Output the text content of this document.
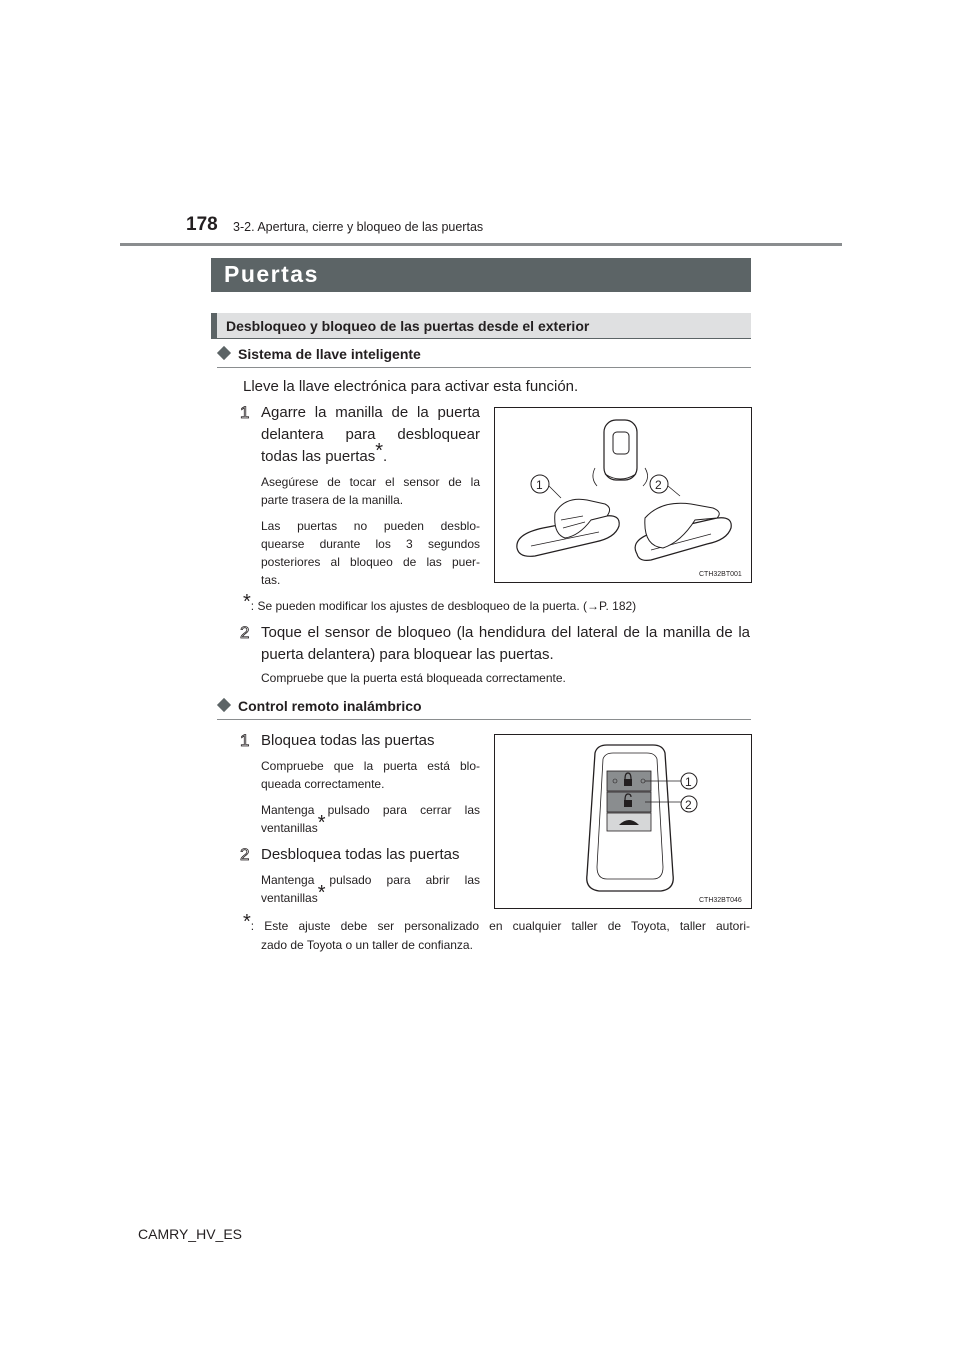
178 3-2. Apertura, cierre y bloqueo de las puertas
Puertas
Desbloqueo y bloqueo de las puertas desde el exterior
Sistema de llave inteligente
Lleve la llave electrónica para activar esta función.
1 Agarre la manilla de la puerta
delantera para desbloquear
todas las puertas*.
Asegúrese de tocar el sensor de la
parte trasera de la manilla.
Las puertas no pueden desblo-
quearse durante los 3 segundos
posteriores al bloqueo de las puer-
tas.
1	2
CTH32BT001
*: Se pueden modificar los ajustes de desbloqueo de la puerta. (→P. 182)
2 Toque el sensor de bloqueo (la hendidura del lateral de la manilla de la
puerta delantera) para bloquear las puertas.
Compruebe que la puerta está bloqueada correctamente.
Control remoto inalámbrico
1 Bloquea todas las puertas
Compruebe que la puerta está blo-
queada correctamente.
Mantenga pulsado para cerrar las
ventanillas*
2 Desbloquea todas las puertas
Mantenga pulsado para abrir las
ventanillas*
1
2
CTH32BT046
*: Este ajuste debe ser personalizado en cualquier taller de Toyota, taller autori-
zado de Toyota o un taller de confianza.
CAMRY_HV_ES
